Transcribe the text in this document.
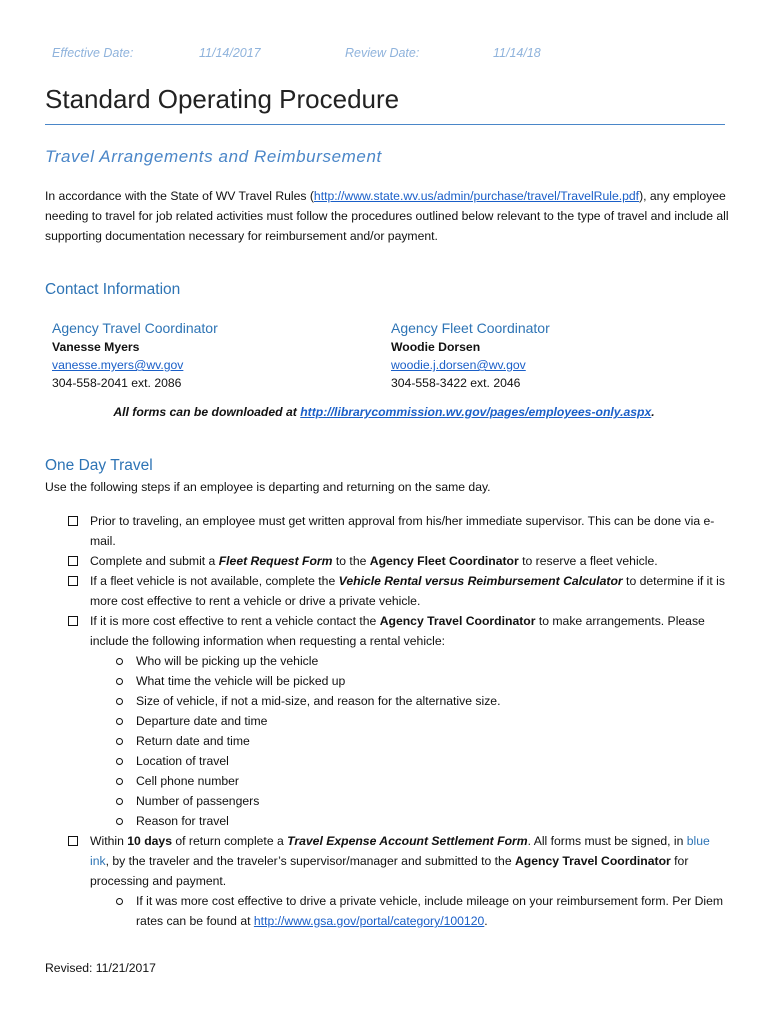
Effective Date:	11/14/2017	Review Date:	11/14/18
Standard Operating Procedure
Travel Arrangements and Reimbursement
In accordance with the State of WV Travel Rules (http://www.state.wv.us/admin/purchase/travel/TravelRule.pdf), any employee needing to travel for job related activities must follow the procedures outlined below relevant to the type of travel and include all supporting documentation necessary for reimbursement and/or payment.
Contact Information
Agency Travel Coordinator
Vanesse Myers
vanesse.myers@wv.gov
304-558-2041 ext. 2086
Agency Fleet Coordinator
Woodie Dorsen
woodie.j.dorsen@wv.gov
304-558-3422 ext. 2046
All forms can be downloaded at http://librarycommission.wv.gov/pages/employees-only.aspx.
One Day Travel
Use the following steps if an employee is departing and returning on the same day.
Prior to traveling, an employee must get written approval from his/her immediate supervisor. This can be done via e-mail.
Complete and submit a Fleet Request Form to the Agency Fleet Coordinator to reserve a fleet vehicle.
If a fleet vehicle is not available, complete the Vehicle Rental versus Reimbursement Calculator to determine if it is more cost effective to rent a vehicle or drive a private vehicle.
If it is more cost effective to rent a vehicle contact the Agency Travel Coordinator to make arrangements. Please include the following information when requesting a rental vehicle:
Who will be picking up the vehicle
What time the vehicle will be picked up
Size of vehicle, if not a mid-size, and reason for the alternative size.
Departure date and time
Return date and time
Location of travel
Cell phone number
Number of passengers
Reason for travel
Within 10 days of return complete a Travel Expense Account Settlement Form. All forms must be signed, in blue ink, by the traveler and the traveler’s supervisor/manager and submitted to the Agency Travel Coordinator for processing and payment.
If it was more cost effective to drive a private vehicle, include mileage on your reimbursement form. Per Diem rates can be found at http://www.gsa.gov/portal/category/100120.
Revised: 11/21/2017
